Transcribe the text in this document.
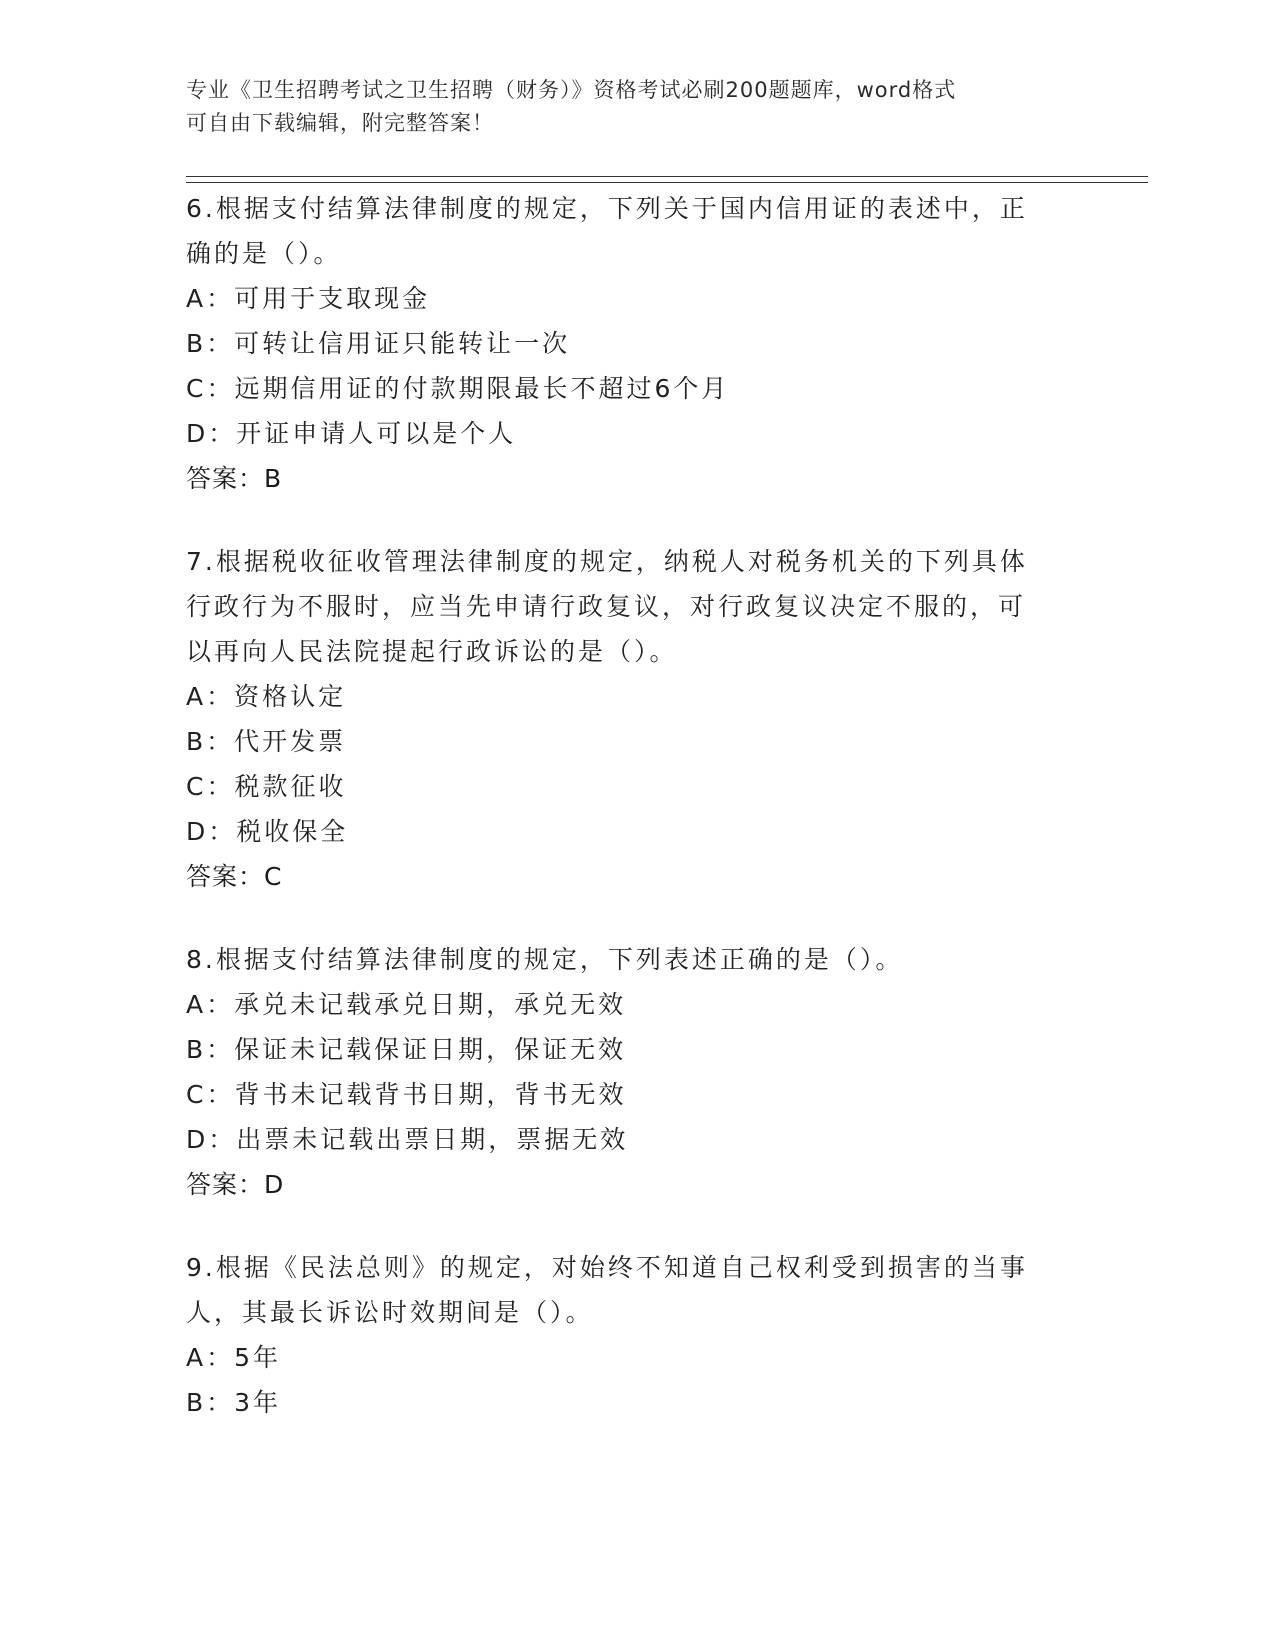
专业《卫生招聘考试之卫生招聘（财务）》资格考试必刷200题题库，word格式
可自由下载编辑，附完整答案！

6.根据支付结算法律制度的规定，下列关于国内信用证的表述中，正

确的是（）。

A：可用于支取现金

B：可转让信用证只能转让一次

C：远期信用证的付款期限最长不超过6个月

D：开证申请人可以是个人

答案：B

7.根据税收征收管理法律制度的规定，纳税人对税务机关的下列具体

行政行为不服时，应当先申请行政复议，对行政复议决定不服的，可

以再向人民法院提起行政诉讼的是（）。

A：资格认定

B：代开发票

C：税款征收

D：税收保全

答案：C

8.根据支付结算法律制度的规定，下列表述正确的是（）。

A：承兑未记载承兑日期，承兑无效

B：保证未记载保证日期，保证无效

C：背书未记载背书日期，背书无效

D：出票未记载出票日期，票据无效

答案：D

9.根据《民法总则》的规定，对始终不知道自己权利受到损害的当事

人，其最长诉讼时效期间是（）。

A：5年

B：3年
